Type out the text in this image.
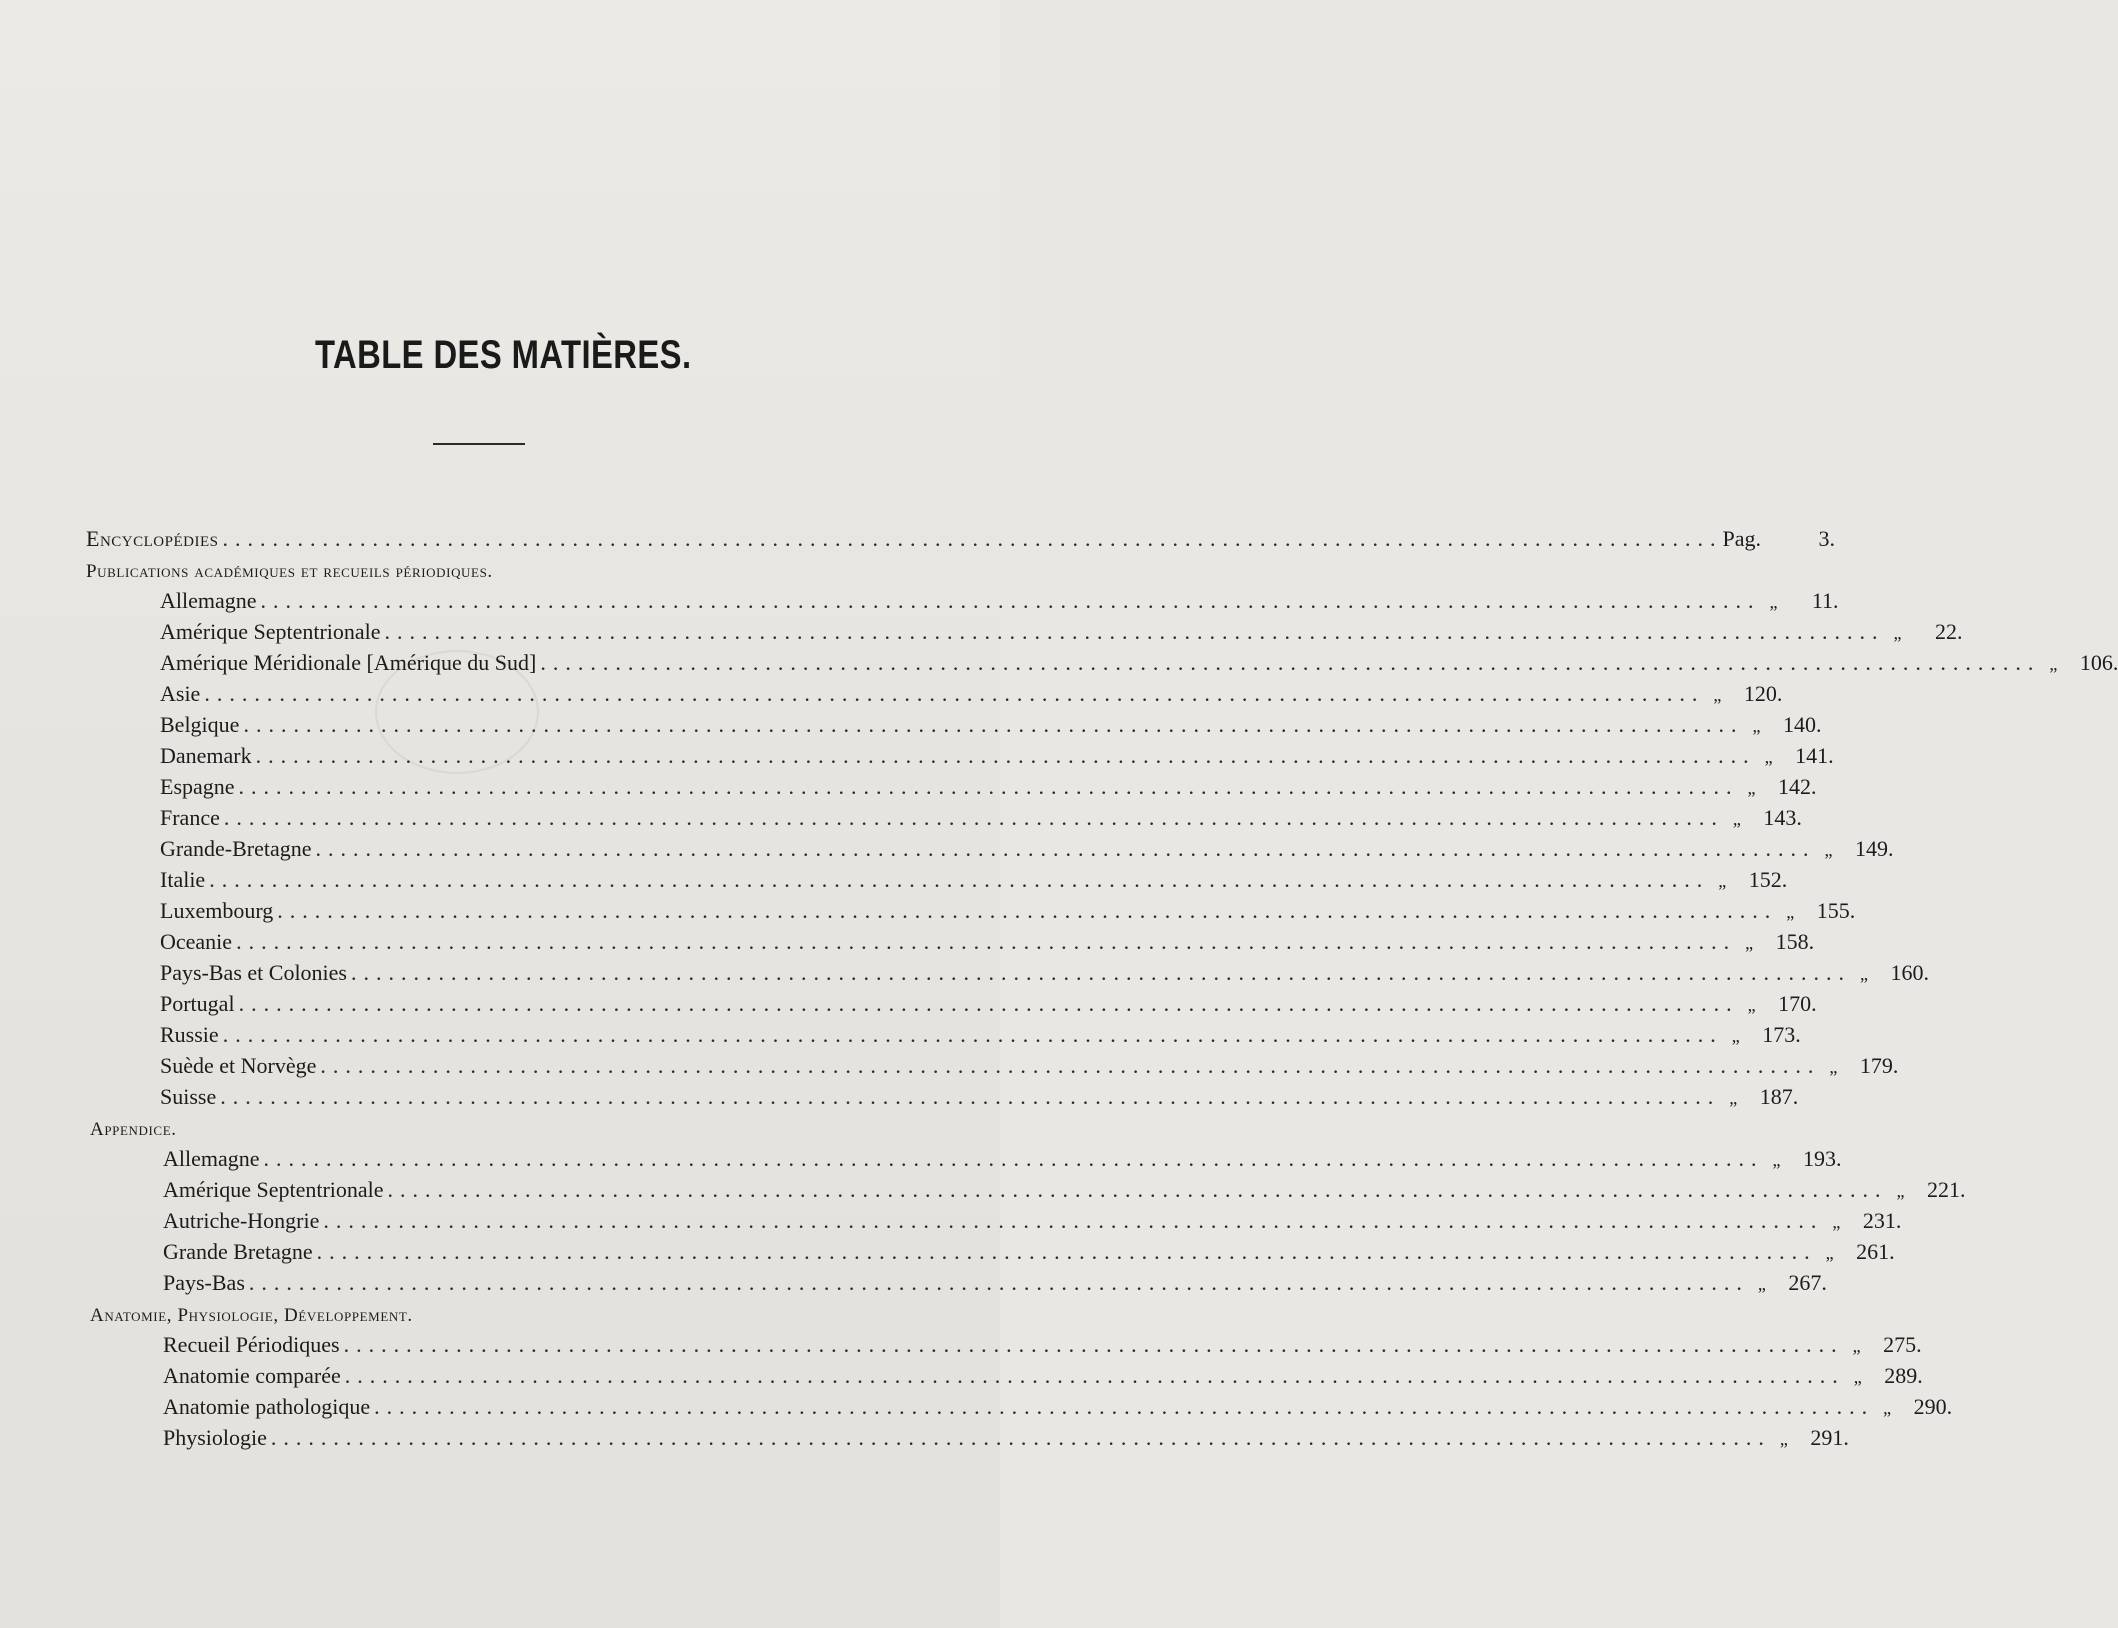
TABLE DES MATIÈRES.
Encyclopédies ........................................................................................................................ Pag.	3.
Publications académiques et recueils périodiques.
Allemagne ........................................................................................................................ „	11.
Amérique Septentrionale ........................................................................................................................ „	22.
Amérique Méridionale [Amérique du Sud] ........................................................................................................................ „	106.
Asie ........................................................................................................................ „	120.
Belgique ........................................................................................................................ „	140.
Danemark ........................................................................................................................ „	141.
Espagne ........................................................................................................................ „	142.
France ........................................................................................................................ „	143.
Grande-Bretagne ........................................................................................................................ „	149.
Italie ........................................................................................................................ „	152.
Luxembourg ........................................................................................................................ „	155.
Oceanie ........................................................................................................................ „	158.
Pays-Bas et Colonies ........................................................................................................................ „	160.
Portugal ........................................................................................................................ „	170.
Russie ........................................................................................................................ „	173.
Suède et Norvège ........................................................................................................................ „	179.
Suisse ........................................................................................................................ „	187.
Appendice.
Allemagne ........................................................................................................................ „	193.
Amérique Septentrionale ........................................................................................................................ „	221.
Autriche-Hongrie ........................................................................................................................ „	231.
Grande Bretagne ........................................................................................................................ „	261.
Pays-Bas ........................................................................................................................ „	267.
Anatomie, Physiologie, Développement.
Recueil Périodiques ........................................................................................................................ „	275.
Anatomie comparée ........................................................................................................................ „	289.
Anatomie pathologique ........................................................................................................................ „	290.
Physiologie ........................................................................................................................ „	291.
